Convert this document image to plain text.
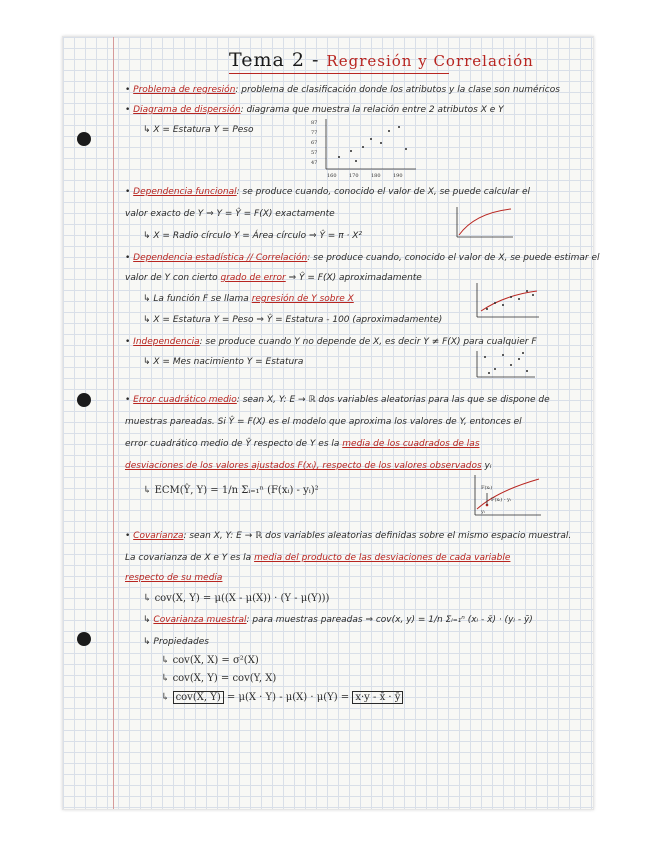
Tema 2 - Regresión y Correlación
• Problema de regresión: problema de clasificación donde los atributos y la clase son numéricos
• Diagrama de dispersión: diagrama que muestra la relación entre 2 atributos X e Y
↳ X = Estatura Y = Peso
87
77
67
57
47
160 170 180 190
• Dependencia funcional: se produce cuando, conocido el valor de X, se puede calcular el
valor exacto de Y ⇒ Y = Ŷ = F(X) exactamente
↳ X = Radio círculo Y = Área círculo ⇒ Ŷ = π · X²
• Dependencia estadística // Correlación: se produce cuando, conocido el valor de X, se puede estimar el
valor de Y con cierto grado de error ⇒ Ŷ = F(X) aproximadamente
↳ La función F se llama regresión de Y sobre X
↳ X = Estatura Y = Peso ⇒ Ŷ = Estatura - 100 (aproximadamente)
• Independencia: se produce cuando Y no depende de X, es decir Y ≠ F(X) para cualquier F
↳ X = Mes nacimiento Y = Estatura
• Error cuadrático medio: sean X, Y: E → ℝ dos variables aleatorias para las que se dispone de
muestras pareadas. Si Ŷ = F(X) es el modelo que aproxima los valores de Y, entonces el
error cuadrático medio de Ŷ respecto de Y es la media de los cuadrados de las
desviaciones de los valores ajustados F(xᵢ), respecto de los valores observados yᵢ
↳ ECM(Ŷ, Y) = 1/n Σᵢ₌₁ⁿ (F(xᵢ) - yᵢ)²	F(xᵢ)
F(xᵢ) - yᵢ
yᵢ
• Covarianza: sean X, Y: E → ℝ dos variables aleatorias definidas sobre el mismo espacio muestral.
La covarianza de X e Y es la media del producto de las desviaciones de cada variable
respecto de su media
↳ cov(X, Y) = μ((X - μ(X)) · (Y - μ(Y)))
↳ Covarianza muestral: para muestras pareadas ⇒ cov(x, y) = 1/n Σᵢ₌₁ⁿ (xᵢ - x̄) · (yᵢ - ȳ)
↳ Propiedades
↳ cov(X, X) = σ²(X)
↳ cov(X, Y) = cov(Y, X)
↳ cov(X, Y) = μ(X · Y) - μ(X) · μ(Y) = x·y - x̄ · ȳ
